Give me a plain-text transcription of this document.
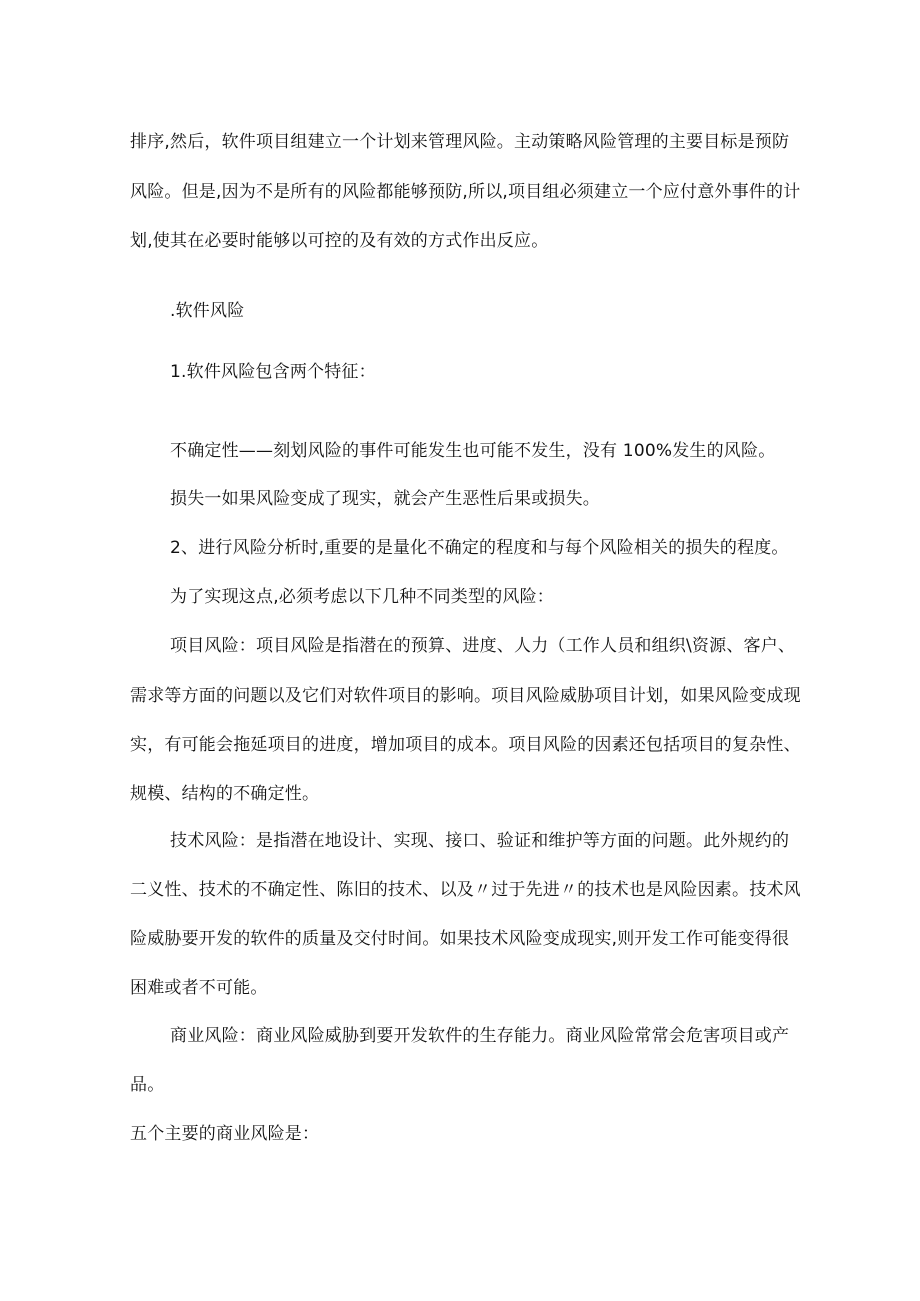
排序,然后，软件项目组建立一个计划来管理风险。主动策略风险管理的主要目标是预防
风险。但是,因为不是所有的风险都能够预防,所以,项目组必须建立一个应付意外事件的计
划,使其在必要时能够以可控的及有效的方式作出反应。
.软件风险
1.软件风险包含两个特征：
不确定性——刻划风险的事件可能发生也可能不发生，没有 100%发生的风险。
损失一如果风险变成了现实，就会产生恶性后果或损失。
2、进行风险分析时,重要的是量化不确定的程度和与每个风险相关的损失的程度。
为了实现这点,必须考虑以下几种不同类型的风险：
项目风险：项目风险是指潜在的预算、进度、人力（工作人员和组织\资源、客户、
需求等方面的问题以及它们对软件项目的影响。项目风险威胁项目计划，如果风险变成现
实，有可能会拖延项目的进度，增加项目的成本。项目风险的因素还包括项目的复杂性、
规模、结构的不确定性。
技术风险：是指潜在地设计、实现、接口、验证和维护等方面的问题。此外规约的
二义性、技术的不确定性、陈旧的技术、以及〃过于先进〃的技术也是风险因素。技术风
险威胁要开发的软件的质量及交付时间。如果技术风险变成现实,则开发工作可能变得很
困难或者不可能。
商业风险：商业风险威胁到要开发软件的生存能力。商业风险常常会危害项目或产
品。
五个主要的商业风险是：
